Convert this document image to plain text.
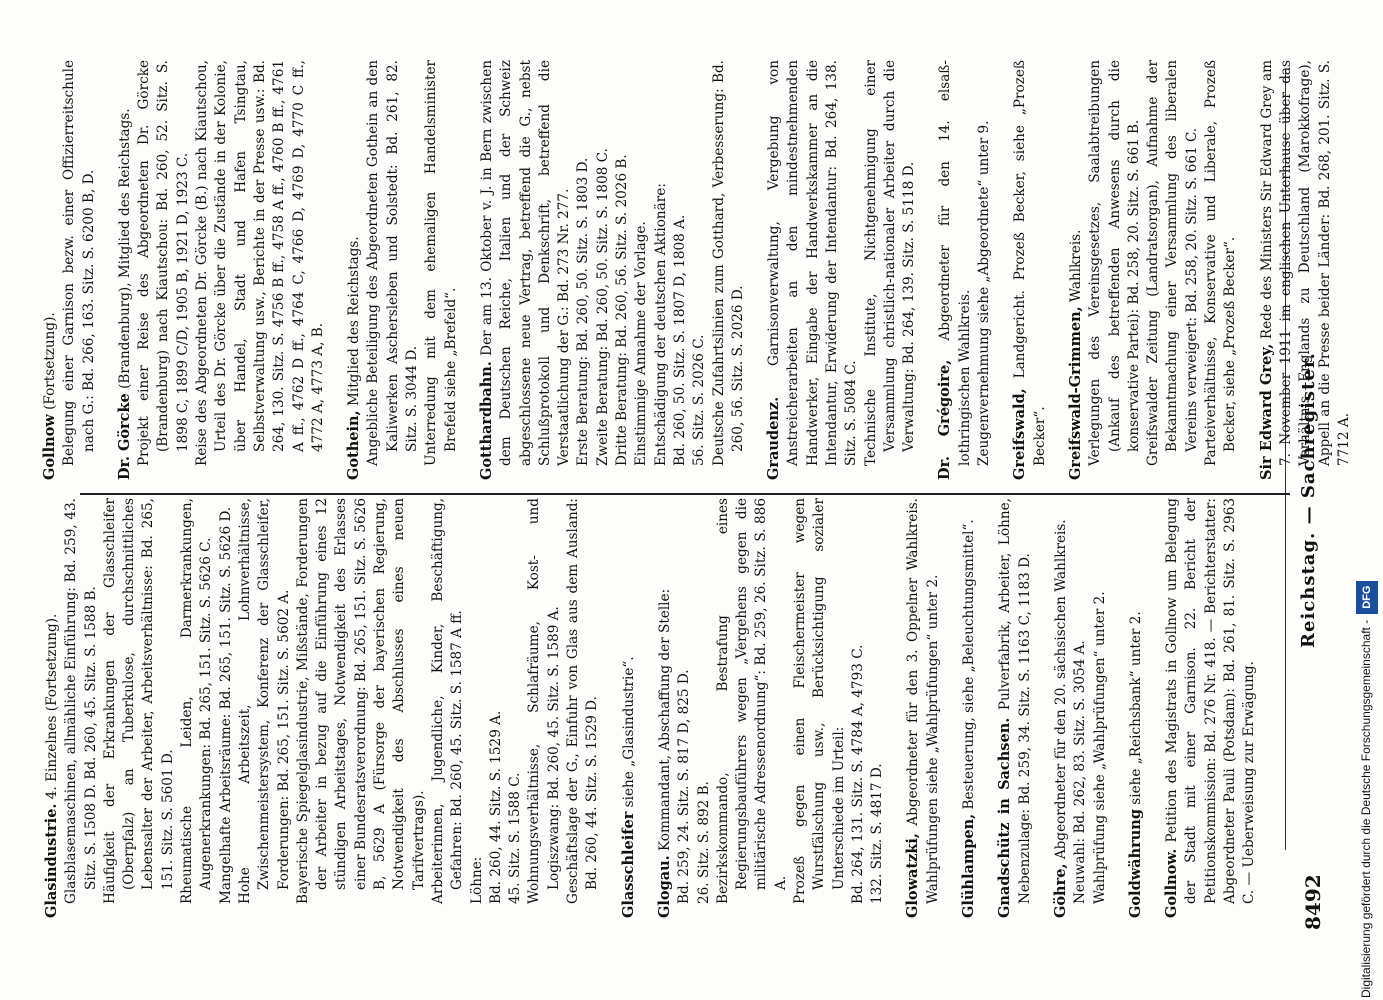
8492
Reichstag. — Sachregister.

Glasindustrie. 4. Einzelnes (Fortsetzung). Glasblasemaschinen, allmähliche Einführung: Bd. 259, 43. Sitz. S. 1508 D. Bd. 260, 45. Sitz. S. 1588 B. Häufigkeit der Erkrankungen der Glasschleifer (Oberpfalz) an Tuberkulose, durchschnittliches Lebensalter der Arbeiter, Arbeitsverhältnisse: Bd. 265, 151. Sitz. S. 5601 D. Rheumatische Leiden, Darmerkrankungen, Augenerkrankungen: Bd. 265, 151. Sitz. S. 5626 C. Mangelhafte Arbeitsräume: Bd. 265, 151. Sitz. S. 5626 D. Hohe Arbeitszeit, Lohnverhältnisse, Zwischenmeistersystem, Konferenz der Glasschleifer, Forderungen: Bd. 265, 151. Sitz. S. 5602 A. Bayerische Spiegelglasindustrie, Mißstände, Forderungen der Arbeiter in bezug auf die Einführung eines 12 stündigen Arbeitstages, Notwendigkeit des Erlasses einer Bundesratsverordnung: Bd. 265, 151. Sitz. S. 5626 B, 5629 A (Fürsorge der bayerischen Regierung, Notwendigkeit des Abschlusses eines neuen Tarifvertrags). Arbeiterinnen, Jugendliche, Kinder, Beschäftigung, Gefahren: Bd. 260, 45. Sitz. S. 1587 A ff. Löhne: Bd. 260, 44. Sitz. S. 1529 A. 45. Sitz. S. 1588 C. Wohnungsverhältnisse, Schlafräume, Kost- und Logiszwang: Bd. 260, 45. Sitz. S. 1589 A. Geschäftslage der G., Einfuhr von Glas aus dem Ausland: Bd. 260, 44. Sitz. S. 1529 D. Glasschleifer siehe „Glasindustrie“.

Glogau. Kommandant, Abschaffung der Stelle: Bd. 259, 24. Sitz. S. 817 D, 825 D. 26. Sitz. S. 892 B. Bezirkskommando, Bestrafung eines Regierungsbauführers wegen „Vergehens gegen die militärische Adressenordnung“: Bd. 259, 26. Sitz. S. 886 A. Prozeß gegen einen Fleischermeister wegen Wurstfälschung usw., Berücksichtigung sozialer Unterschiede im Urteil: Bd. 264, 131. Sitz. S. 4784 A, 4793 C. 132. Sitz. S. 4817 D. Glowatzki, Abgeordneter für den 3. Oppelner Wahlkreis. Wahlprüfungen siehe „Wahlprüfungen“ unter 2. Glühlampen, Besteuerung, siehe „Beleuchtungsmittel“.

Gnadschütz in Sachsen. Pulverfabrik, Arbeiter, Löhne, Nebenzulage: Bd. 259, 34. Sitz. S. 1163 C, 1183 D. Göhre, Abgeordneter für den 20. sächsischen Wahlkreis. Neuwahl: Bd. 262, 83. Sitz. S. 3054 A. Wahlprüfung siehe „Wahlprüfungen“ unter 2. Goldwährung siehe „Reichsbank“ unter 2.

Gollnow. Petition des Magistrats in Gollnow um Belegung der Stadt mit einer Garnison. 22. Bericht der Petitionskommission: Bd. 276 Nr. 418. — Berichterstatter: Abgeordneter Pauli (Potsdam): Bd. 261, 81. Sitz. S. 2963 C. — Ueberweisung zur Erwägung.

Gollnow (Fortsetzung). Belegung einer Garnison bezw. einer Offizierreitschule nach G.: Bd. 266, 163. Sitz. S. 6200 B, D. Dr. Görcke (Brandenburg), Mitglied des Reichstags. Projekt einer Reise des Abgeordneten Dr. Görcke (Brandenburg) nach Kiautschou: Bd. 260, 52. Sitz. S. 1898 C, 1899 C/D, 1905 B, 1921 D, 1923 C. Reise des Abgeordneten Dr. Görcke (B.) nach Kiautschou, Urteil des Dr. Görcke über die Zustände in der Kolonie, über Handel, Stadt und Hafen Tsingtau, Selbstverwaltung usw., Berichte in der Presse usw.: Bd. 264, 130. Sitz. S. 4756 B ff., 4758 A ff., 4760 B ff., 4761 A ff., 4762 D ff., 4764 C, 4766 D, 4769 D, 4770 C ff., 4772 A, 4773 A, B. Gothein, Mitglied des Reichstags. Angebliche Beteiligung des Abgeordneten Gothein an den Kaliwerken Aschersleben und Solstedt: Bd. 261, 82. Sitz. S. 3044 D. Unterredung mit dem ehemaligen Handelsminister Brefeld siehe „Brefeld“. Gotthardbahn. Der am 13. Oktober v. J. in Bern zwischen dem Deutschen Reiche, Italien und der Schweiz abgeschlossene neue Vertrag, betreffend die G., nebst Schlußprotokoll und Denkschrift, betreffend die Verstaatlichung der G.: Bd. 273 Nr. 277. Erste Beratung: Bd. 260, 50. Sitz. S. 1803 D. Zweite Beratung: Bd. 260, 50. Sitz. S. 1808 C. Dritte Beratung: Bd. 260, 56. Sitz. S. 2026 B. Einstimmige Annahme der Vorlage. Entschädigung der deutschen Aktionäre: Bd. 260, 50. Sitz. S. 1807 D, 1808 A. 56. Sitz. S. 2026 C. Deutsche Zufahrtslinien zum Gotthard, Verbesserung: Bd. 260, 56. Sitz. S. 2026 D. Graudenz. Garnisonverwaltung, Vergebung von Anstreicherarbeiten an den mindestnehmenden Handwerker, Eingabe der Handwerkskammer an die Intendantur, Erwiderung der Intendantur: Bd. 264, 138. Sitz. S. 5084 C. Technische Institute, Nichtgenehmigung einer Versammlung christlich-nationaler Arbeiter durch die Verwaltung: Bd. 264, 139. Sitz. S. 5118 D. Dr. Grégoire, Abgeordneter für den 14. elsaß-lothringischen Wahlkreis. Zeugenvernehmung siehe „Abgeordnete“ unter 9. Greifswald, Landgericht. Prozeß Becker, siehe „Prozeß Becker“. Greifswald-Grimmen, Wahlkreis. Verlegungen des Vereinsgesetzes, Saalabtreibungen (Ankauf des betreffenden Anwesens durch die konservative Partei): Bd. 258, 20. Sitz. S. 661 B. Greifswalder Zeitung (Landratsorgan), Aufnahme der Bekanntmachung einer Versammlung des liberalen Vereins verweigert: Bd. 258, 20. Sitz. S. 661 C. Parteiverhältnisse, Konservative und Liberale, Prozeß Becker, siehe „Prozeß Becker“. Sir Edward Grey, Rede des Ministers Sir Edward Grey am 7. November 1911 im englischen Unterhause über das Verhältnis Englands zu Deutschland (Marokkofrage), Appell an die Presse beider Länder: Bd. 268, 201. Sitz. S. 7712 A.

Digitalisierung gefördert durch die Deutsche Forschungsgemeinschaft -DFG
